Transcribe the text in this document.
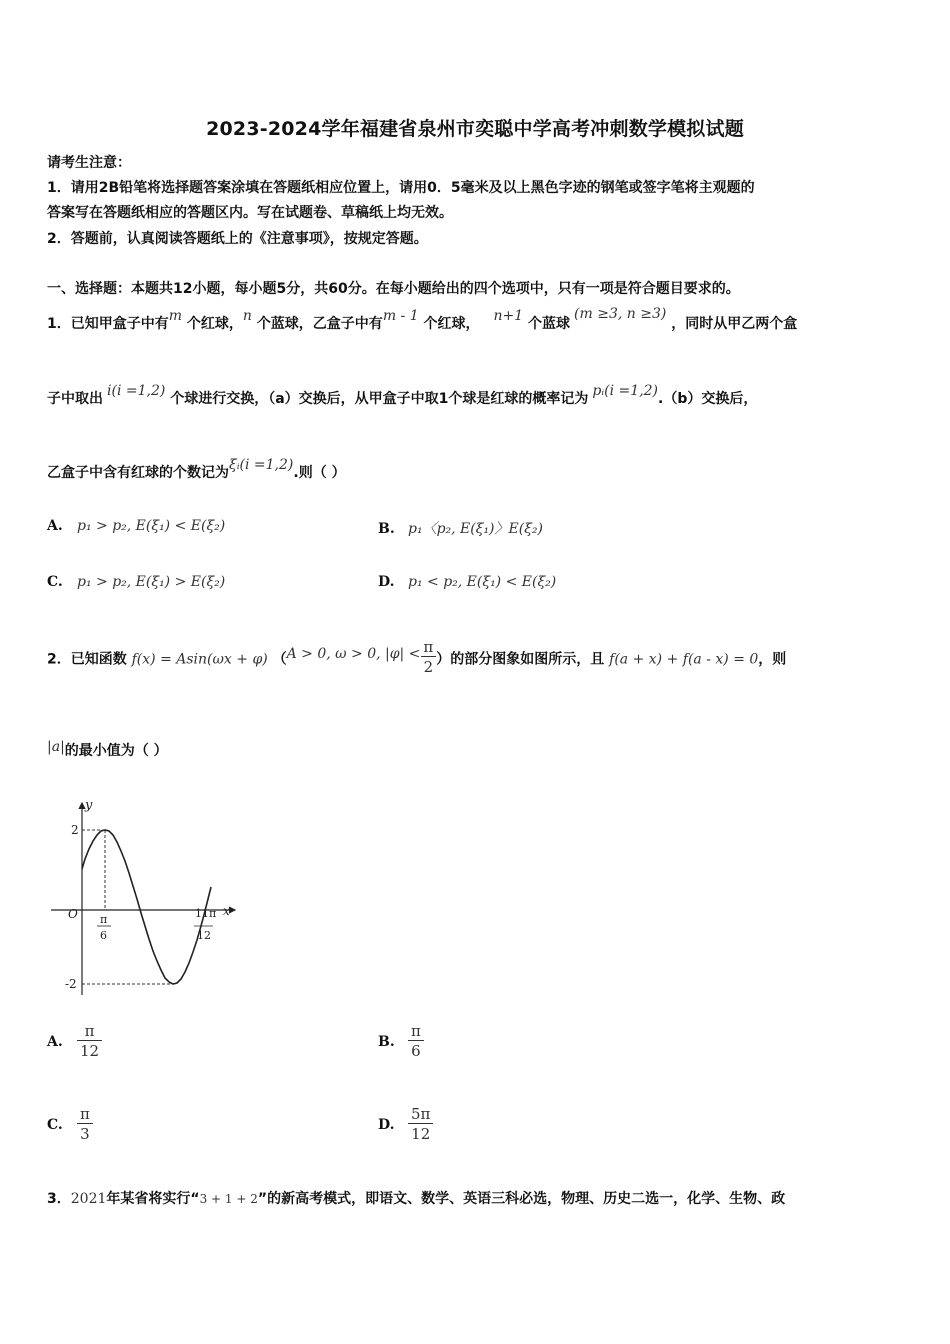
2023-2024学年福建省泉州市奕聪中学高考冲刺数学模拟试题
请考生注意：
1．请用2B铅笔将选择题答案涂填在答题纸相应位置上，请用0．5毫米及以上黑色字迹的钢笔或签字笔将主观题的
答案写在答题纸相应的答题区内。写在试题卷、草稿纸上均无效。
2．答题前，认真阅读答题纸上的《注意事项》，按规定答题。
一、选择题：本题共12小题，每小题5分，共60分。在每小题给出的四个选项中，只有一项是符合题目要求的。
1．已知甲盒子中有m 个红球，n 个蓝球，乙盒子中有m - 1 个红球， n+1 个蓝球(m ≥3, n ≥3) ，同时从甲乙两个盒
子中取出 i(i =1,2) 个球进行交换，（a）交换后，从甲盒子中取1个球是红球的概率记为 pᵢ(i =1,2).（b）交换后，
乙盒子中含有红球的个数记为ξᵢ(i =1,2).则（ ）
A. p₁ > p₂, E(ξ₁) < E(ξ₂)	B. p₁〈p₂, E(ξ₁)〉E(ξ₂)
C. p₁ > p₂, E(ξ₁) > E(ξ₂)	D. p₁ < p₂, E(ξ₁) < E(ξ₂)
2．已知函数 f(x) = Asin(ωx + φ) （A > 0, ω > 0, $|\varphi| < \frac{\pi}{2}$ ）的部分图象如图所示，且 f(a + x) + f(a - x) = 0，则
|a|的最小值为（ ）
y
x
O
2
-2
π
6
11π
12
A. $\frac{\pi}{12}$	B. $\frac{\pi}{6}$
C. $\frac{\pi}{3}$	D. $\frac{5\pi}{12}$
3．2021年某省将实行“3 + 1 + 2”的新高考模式，即语文、数学、英语三科必选，物理、历史二选一，化学、生物、政
